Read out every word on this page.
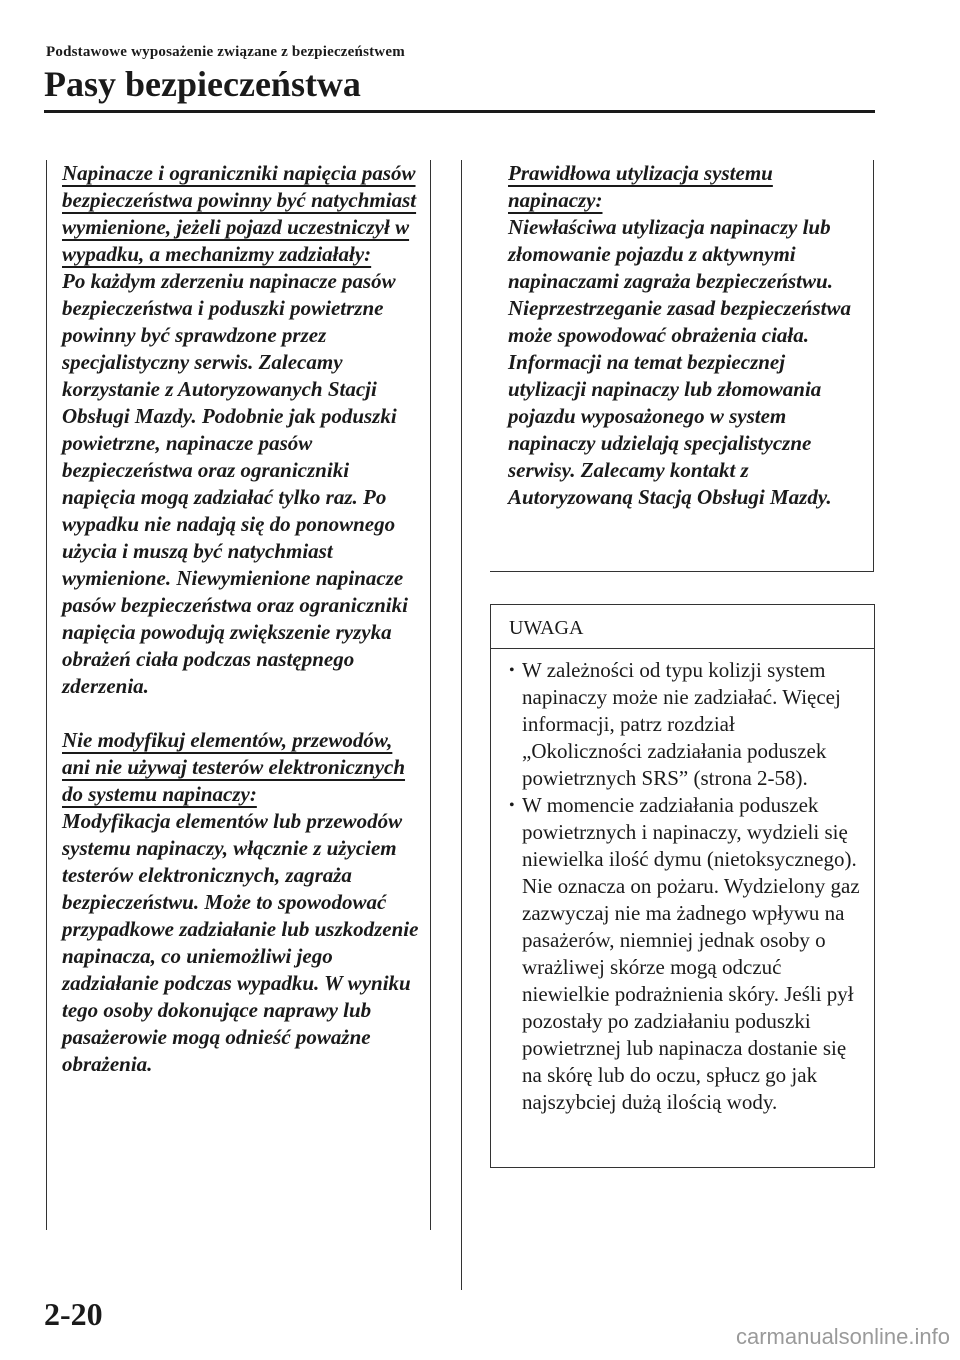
Podstawowe wyposażenie związane z bezpieczeństwem
Pasy bezpieczeństwa

Napinacze i ograniczniki napięcia pasów bezpieczeństwa powinny być natychmiast wymienione, jeżeli pojazd uczestniczył w wypadku, a mechanizmy zadziałały:

Po każdym zderzeniu napinacze pasów bezpieczeństwa i poduszki powietrzne powinny być sprawdzone przez specjalistyczny serwis. Zalecamy korzystanie z Autoryzowanych Stacji Obsługi Mazdy. Podobnie jak poduszki powietrzne, napinacze pasów bezpieczeństwa oraz ograniczniki napięcia mogą zadziałać tylko raz. Po wypadku nie nadają się do ponownego użycia i muszą być natychmiast wymienione. Niewymienione napinacze pasów bezpieczeństwa oraz ograniczniki napięcia powodują zwiększenie ryzyka obrażeń ciała podczas następnego zderzenia.

Nie modyfikuj elementów, przewodów, ani nie używaj testerów elektronicznych do systemu napinaczy:

Modyfikacja elementów lub przewodów systemu napinaczy, włącznie z użyciem testerów elektronicznych, zagraża bezpieczeństwu. Może to spowodować przypadkowe zadziałanie lub uszkodzenie napinacza, co uniemożliwi jego zadziałanie podczas wypadku. W wyniku tego osoby dokonujące naprawy lub pasażerowie mogą odnieść poważne obrażenia.

Prawidłowa utylizacja systemu napinaczy:

Niewłaściwa utylizacja napinaczy lub złomowanie pojazdu z aktywnymi napinaczami zagraża bezpieczeństwu. Nieprzestrzeganie zasad bezpieczeństwa może spowodować obrażenia ciała. Informacji na temat bezpiecznej utylizacji napinaczy lub złomowania pojazdu wyposażonego w system napinaczy udzielają specjalistyczne serwisy. Zalecamy kontakt z Autoryzowaną Stacją Obsługi Mazdy.

UWAGA
• W zależności od typu kolizji system napinaczy może nie zadziałać. Więcej informacji, patrz rozdział „Okoliczności zadziałania poduszek powietrznych SRS” (strona 2-58).
• W momencie zadziałania poduszek powietrznych i napinaczy, wydzieli się niewielka ilość dymu (nietoksycznego). Nie oznacza on pożaru. Wydzielony gaz zazwyczaj nie ma żadnego wpływu na pasażerów, niemniej jednak osoby o wrażliwej skórze mogą odczuć niewielkie podrażnienia skóry. Jeśli pył pozostały po zadziałaniu poduszki powietrznej lub napinacza dostanie się na skórę lub do oczu, spłucz go jak najszybciej dużą ilością wody.
2-20
carmanualsonline.info
